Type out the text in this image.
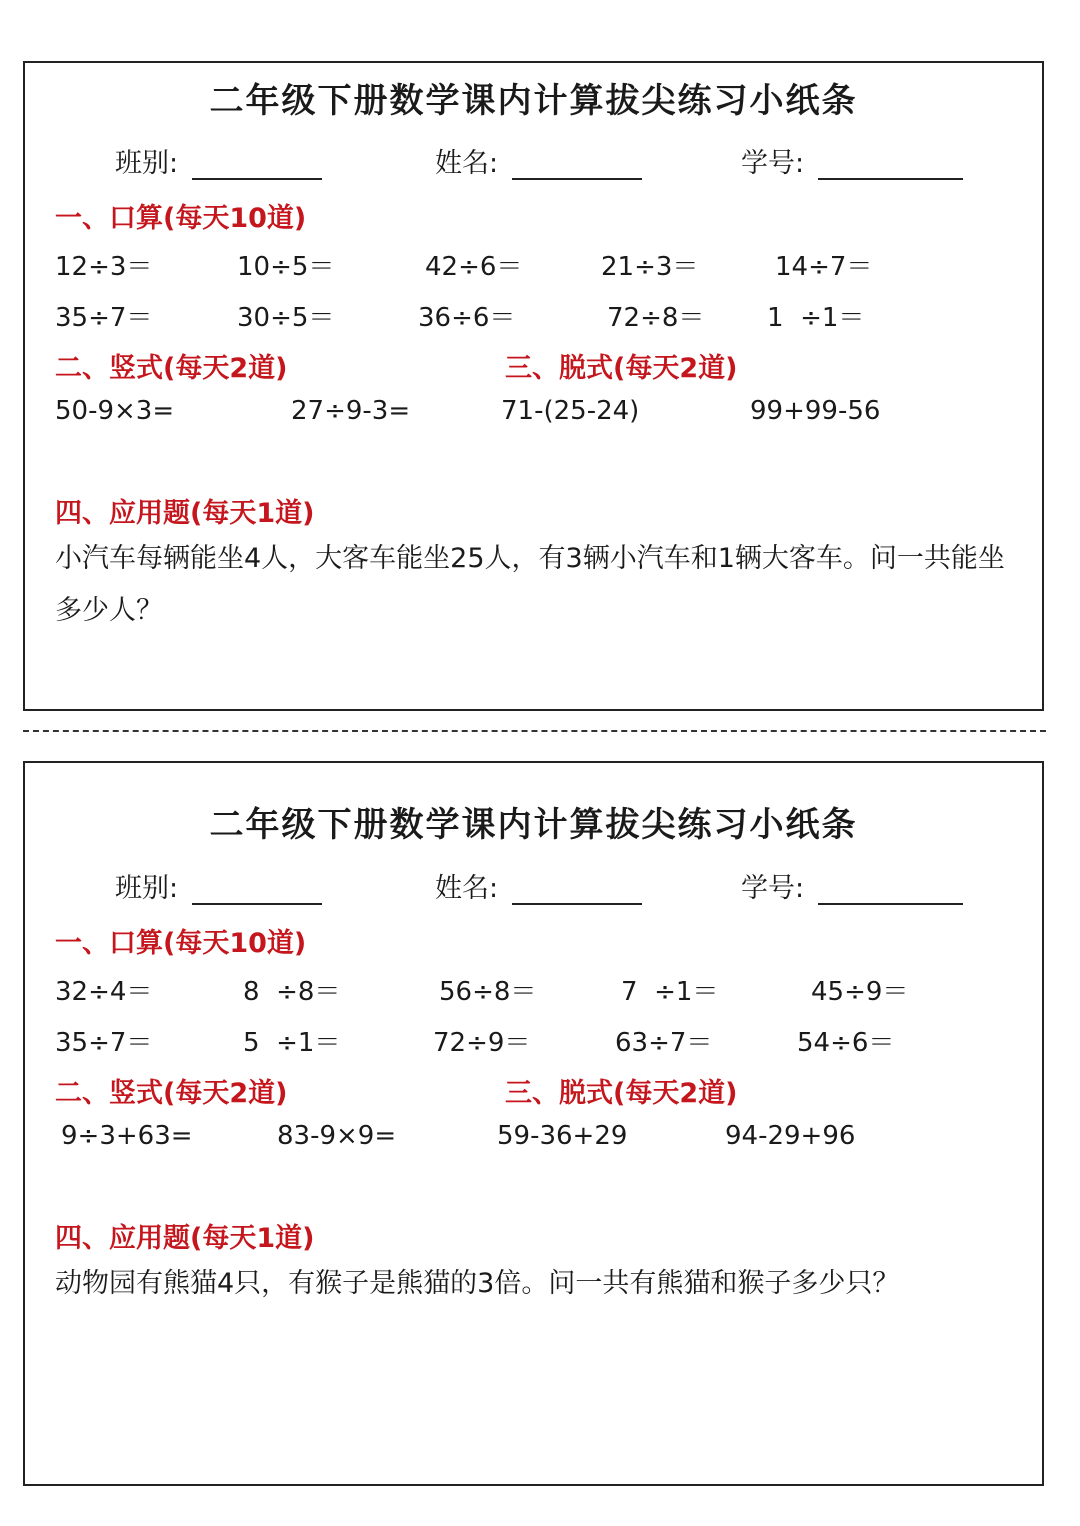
二年级下册数学课内计算拔尖练习小纸条
班别:	姓名:	学号:
一、口算(每天10道)
12÷3＝	10÷5＝	42÷6＝	21÷3＝	14÷7＝
35÷7＝	30÷5＝	36÷6＝	72÷8＝ 1  ÷1＝
二、竖式(每天2道)	三、脱式(每天2道)
50-9×3=	27÷9-3=	71-(25-24)	99+99-56
四、应用题(每天1道)
小汽车每辆能坐4人，大客车能坐25人，有3辆小汽车和1辆大客车。问一共能坐多少人？
二年级下册数学课内计算拔尖练习小纸条
班别:	姓名:	学号:
一、口算(每天10道)
32÷4＝	8  ÷8＝	56÷8＝	7  ÷1＝	45÷9＝
35÷7＝	5  ÷1＝	72÷9＝	63÷7＝	54÷6＝
二、竖式(每天2道)	三、脱式(每天2道)
9÷3+63=	83-9×9=	59-36+29	94-29+96
四、应用题(每天1道)
动物园有熊猫4只，有猴子是熊猫的3倍。问一共有熊猫和猴子多少只？
